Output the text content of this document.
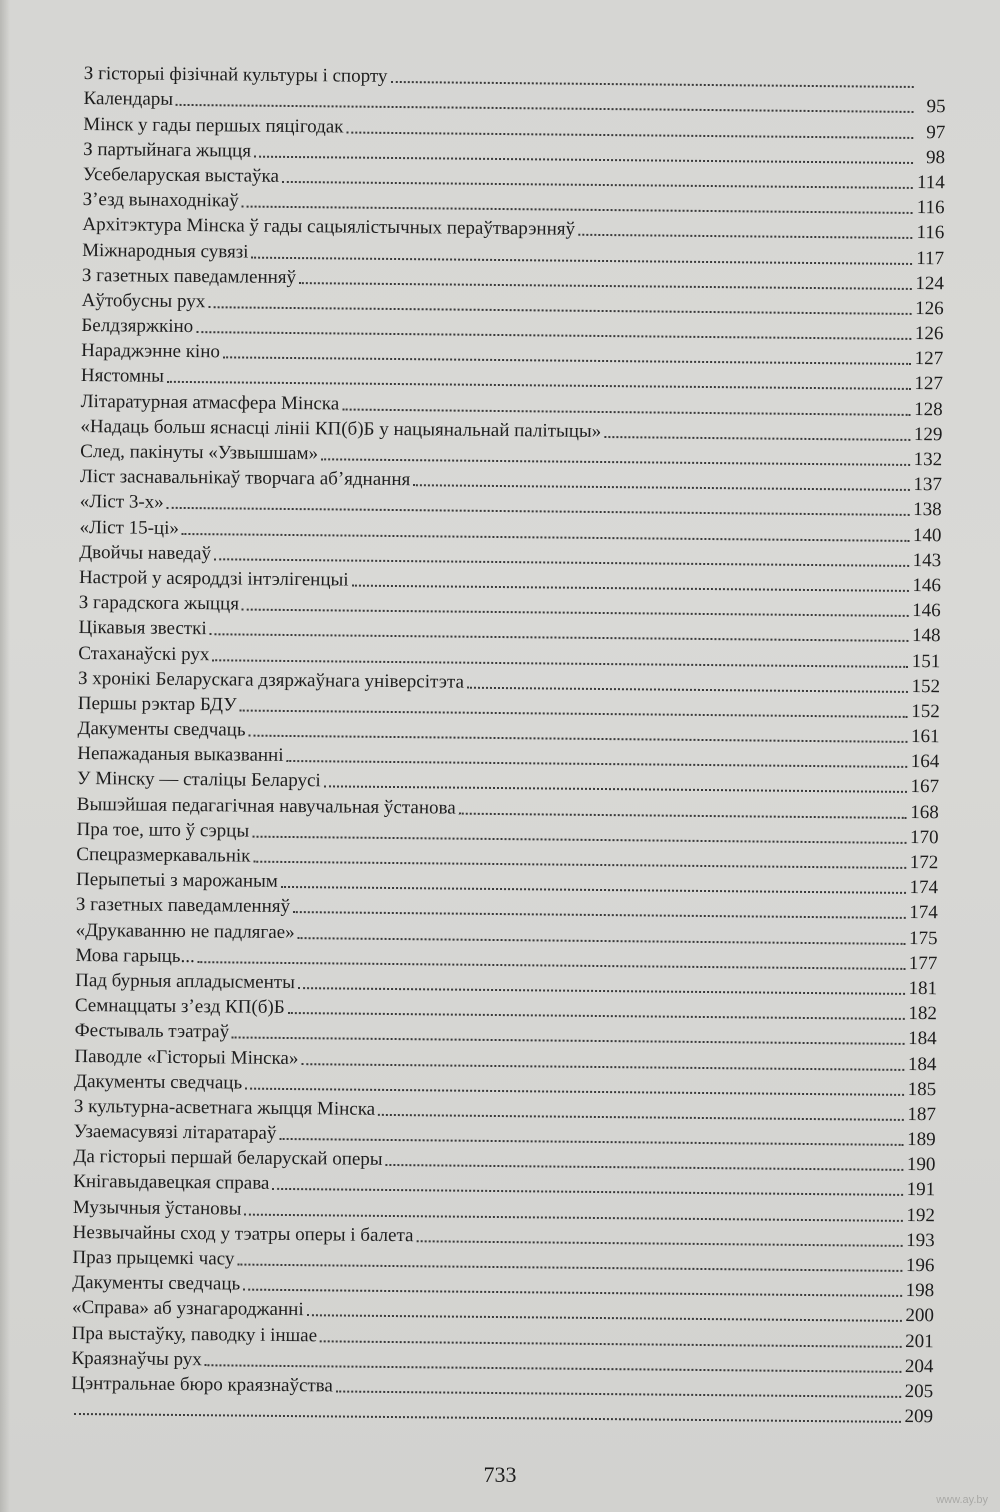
З гісторыі фізічнай культуры і спорту
Календары	95
Мінск у гады першых пяцігодак	97
З партыйнага жыцця	98
Усебеларуская выстаўка	114
З’езд вынаходнікаў	116
Архітэктура Мінска ў гады сацыялістычных пераўтварэнняў	116
Міжнародныя сувязі	117
З газетных паведамленняў	124
Аўтобусны рух	126
Белдзяржкіно	126
Нараджэнне кіно	127
Нястомны	127
Літаратурная атмасфера Мінска	128
«Надаць больш яснасці лініі КП(б)Б у нацыянальнай палітыцы»	129
След, пакінуты «Узвышшам»	132
Ліст заснавальнікаў творчага аб’яднання	137
«Ліст 3-х»	138
«Ліст 15-ці»	140
Двойчы наведаў	143
Настрой у асяроддзі інтэлігенцыі	146
З гарадскога жыцця	146
Цікавыя звесткі	148
Стаханаўскі рух	151
З хронікі Беларускага дзяржаўнага універсітэта	152
Першы рэктар БДУ	152
Дакументы сведчаць	161
Непажаданыя выказванні	164
У Мінску — сталіцы Беларусі	167
Вышэйшая педагагічная навучальная ўстанова	168
Пра тое, што ў сэрцы	170
Спецразмеркавальнік	172
Перыпетыі з марожаным	174
З газетных паведамленняў	174
«Друкаванню не падлягае»	175
Мова гарыць...	177
Пад бурныя апладысменты	181
Семнаццаты з’езд КП(б)Б	182
Фестываль тэатраў	184
Паводле «Гісторыі Мінска»	184
Дакументы сведчаць	185
З культурна-асветнага жыцця Мінска	187
Узаемасувязі літаратараў	189
Да гісторыі першай беларускай оперы	190
Кнігавыдавецкая справа	191
Музычныя ўстановы	192
Незвычайны сход у тэатры оперы і балета	193
Праз прыцемкі часу	196
Дакументы сведчаць	198
«Справа» аб узнагароджанні	200
Пра выстаўку, паводку і іншае	201
Краязнаўчы рух	204
Цэнтральнае бюро краязнаўства	205
209
733
www.ay.by
